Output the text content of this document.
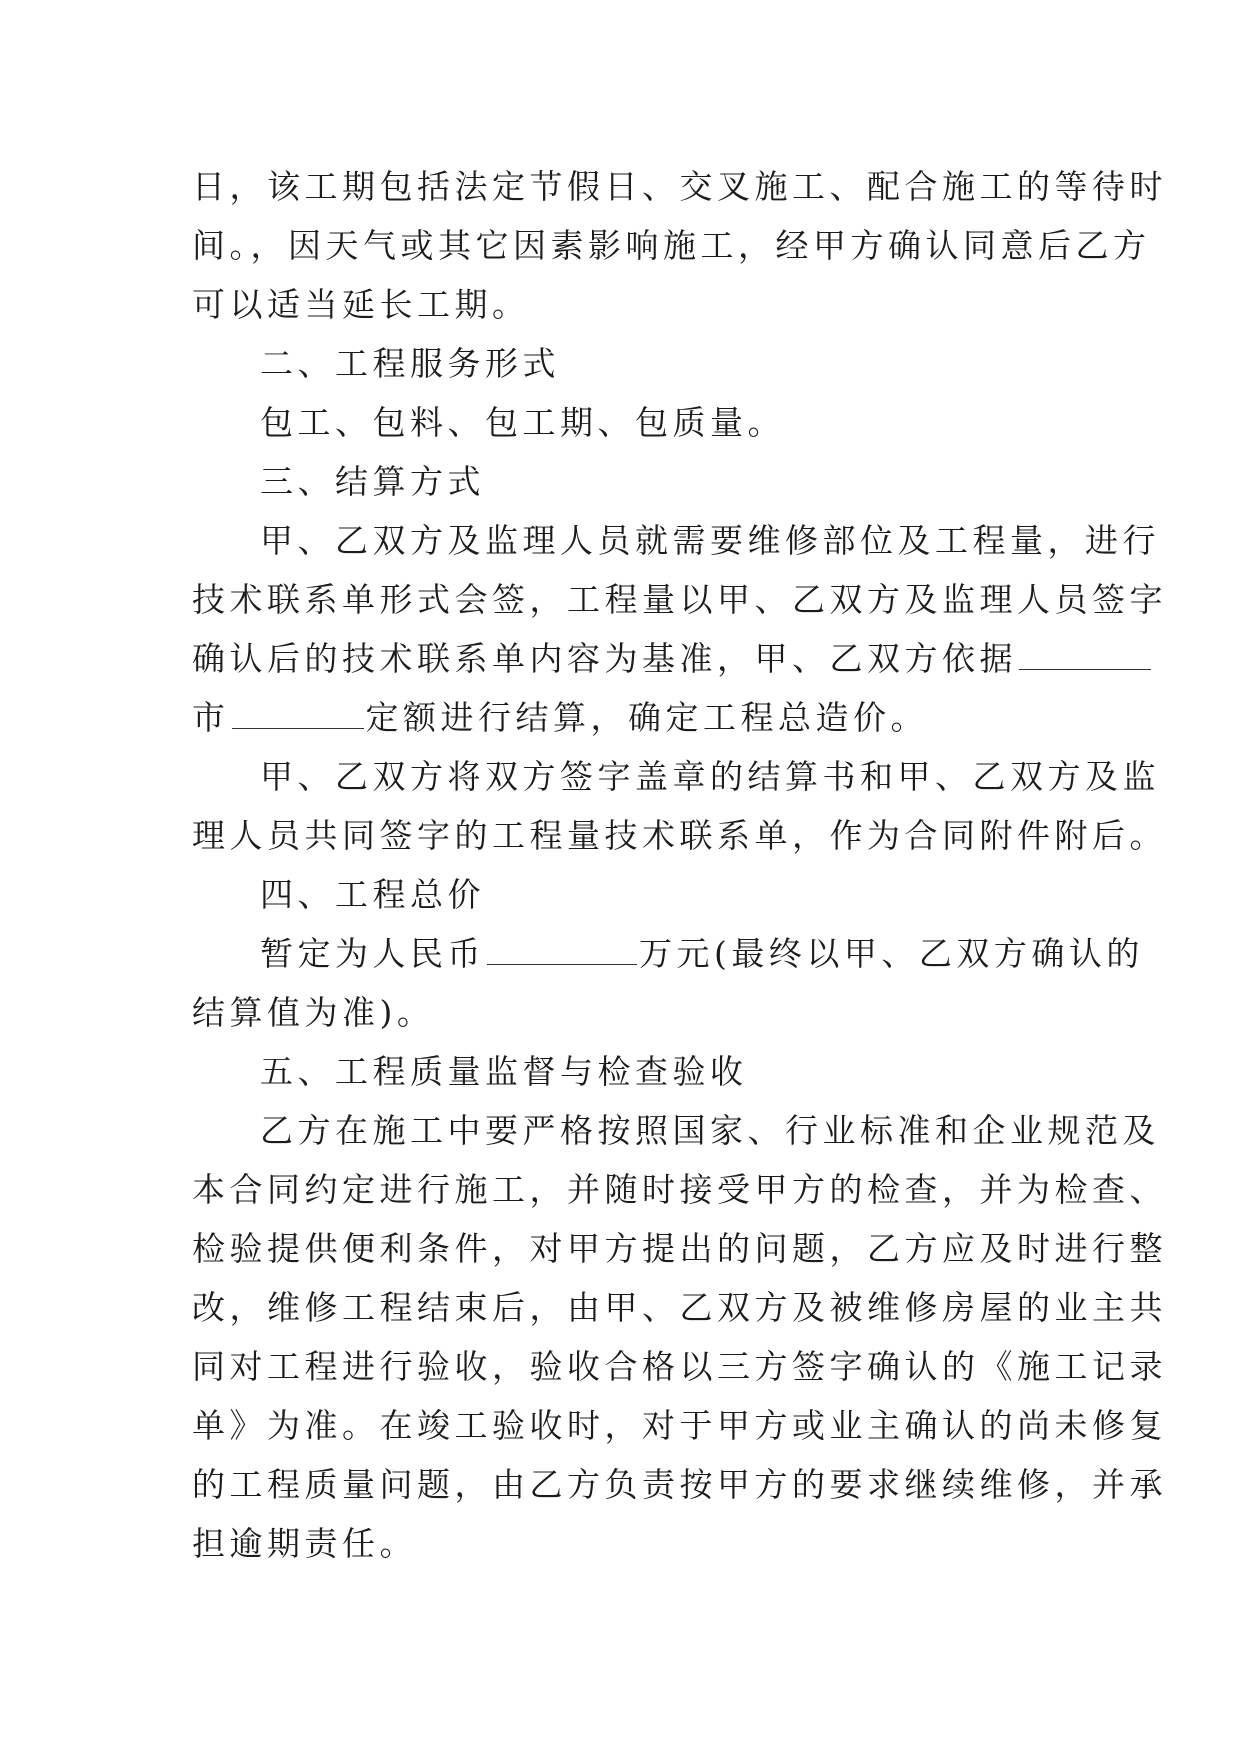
日，该工期包括法定节假日、交叉施工、配合施工的等待时
间。，因天气或其它因素影响施工，经甲方确认同意后乙方
可以适当延长工期。
二、工程服务形式
包工、包料、包工期、包质量。
三、结算方式
甲、乙双方及监理人员就需要维修部位及工程量，进行
技术联系单形式会签，工程量以甲、乙双方及监理人员签字
确认后的技术联系单内容为基准，甲、乙双方依据
市	定额进行结算，确定工程总造价。
甲、乙双方将双方签字盖章的结算书和甲、乙双方及监
理人员共同签字的工程量技术联系单，作为合同附件附后。
四、工程总价
暂定为人民币	万元(最终以甲、乙双方确认的
结算值为准)。
五、工程质量监督与检查验收
乙方在施工中要严格按照国家、行业标准和企业规范及
本合同约定进行施工，并随时接受甲方的检查，并为检查、
检验提供便利条件，对甲方提出的问题，乙方应及时进行整
改，维修工程结束后，由甲、乙双方及被维修房屋的业主共
同对工程进行验收，验收合格以三方签字确认的《施工记录
单》为准。在竣工验收时，对于甲方或业主确认的尚未修复
的工程质量问题，由乙方负责按甲方的要求继续维修，并承
担逾期责任。
